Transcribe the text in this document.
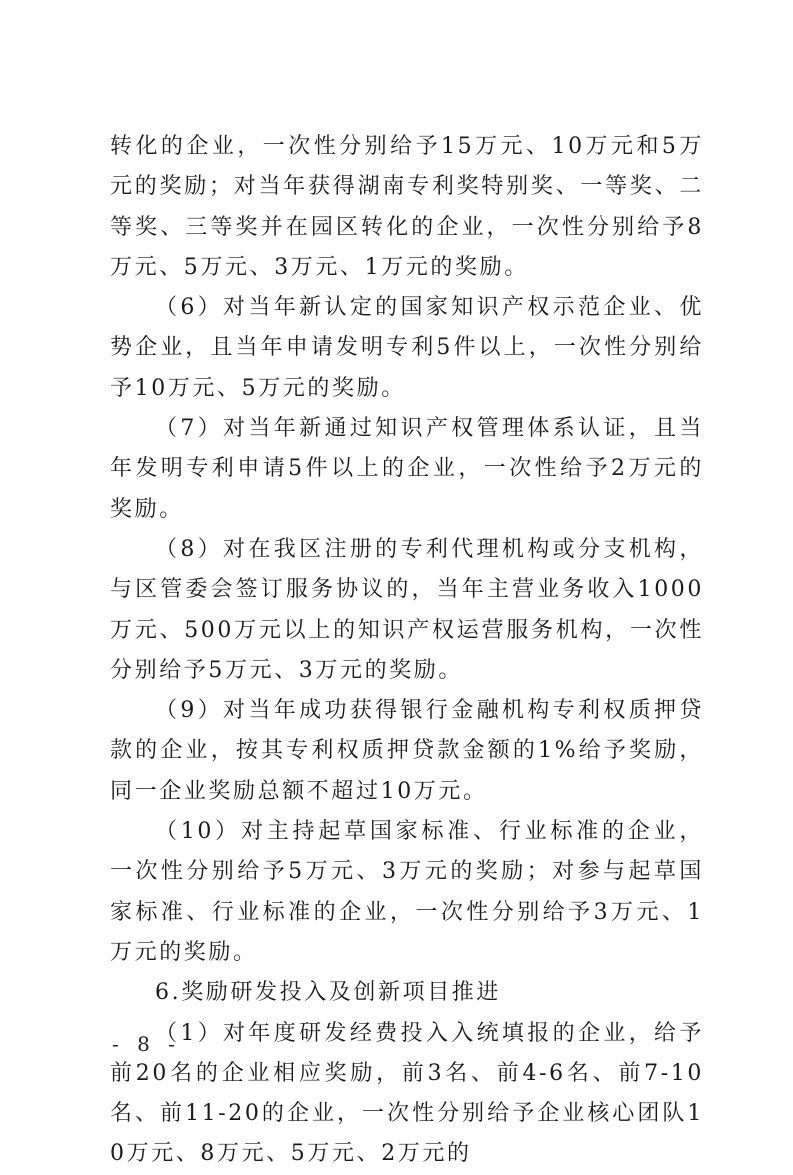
转化的企业，一次性分别给予15万元、10万元和5万元的奖励；对当年获得湖南专利奖特别奖、一等奖、二等奖、三等奖并在园区转化的企业，一次性分别给予8万元、5万元、3万元、1万元的奖励。

（6）对当年新认定的国家知识产权示范企业、优势企业，且当年申请发明专利5件以上，一次性分别给予10万元、5万元的奖励。

（7）对当年新通过知识产权管理体系认证，且当年发明专利申请5件以上的企业，一次性给予2万元的奖励。

（8）对在我区注册的专利代理机构或分支机构，与区管委会签订服务协议的，当年主营业务收入1000万元、500万元以上的知识产权运营服务机构，一次性分别给予5万元、3万元的奖励。

（9）对当年成功获得银行金融机构专利权质押贷款的企业，按其专利权质押贷款金额的1%给予奖励，同一企业奖励总额不超过10万元。

（10）对主持起草国家标准、行业标准的企业，一次性分别给予5万元、3万元的奖励；对参与起草国家标准、行业标准的企业，一次性分别给予3万元、1万元的奖励。

6.奖励研发投入及创新项目推进

（1）对年度研发经费投入入统填报的企业，给予前20名的企业相应奖励，前3名、前4-6名、前7-10名、前11-20的企业，一次性分别给予企业核心团队10万元、8万元、5万元、2万元的

- 8 -
